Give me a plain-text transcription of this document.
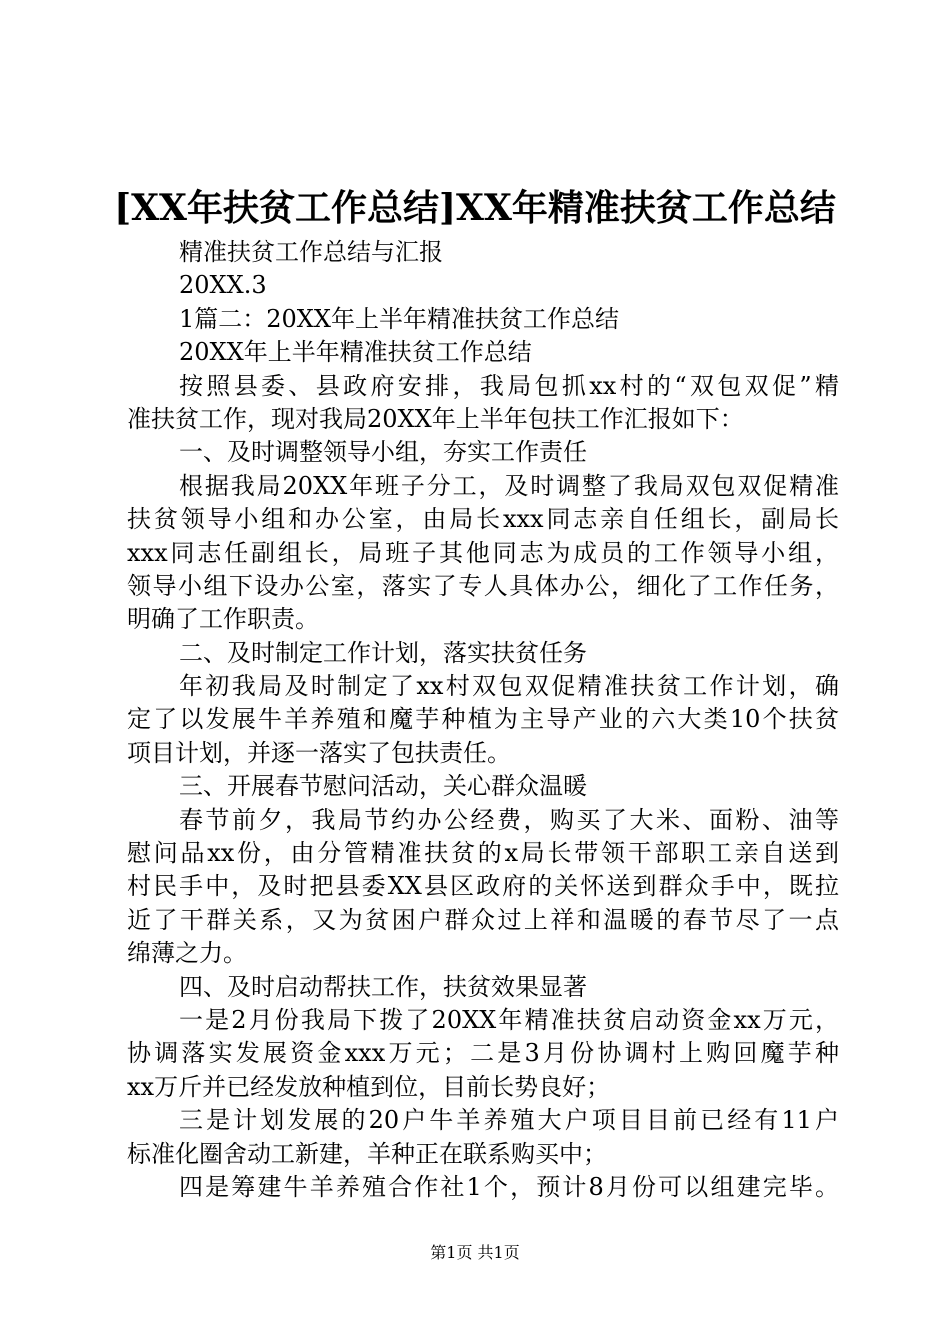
[XX年扶贫工作总结]XX年精准扶贫工作总结
精准扶贫工作总结与汇报
20XX.3
1篇二：20XX年上半年精准扶贫工作总结
20XX年上半年精准扶贫工作总结
按照县委、县政府安排，我局包抓xx村的“双包双促”精
准扶贫工作，现对我局20XX年上半年包扶工作汇报如下：
一、及时调整领导小组，夯实工作责任
根据我局20XX年班子分工，及时调整了我局双包双促精准
扶贫领导小组和办公室，由局长xxx同志亲自任组长，副局长
xxx同志任副组长，局班子其他同志为成员的工作领导小组，
领导小组下设办公室，落实了专人具体办公，细化了工作任务，
明确了工作职责。
二、及时制定工作计划，落实扶贫任务
年初我局及时制定了xx村双包双促精准扶贫工作计划，确
定了以发展牛羊养殖和魔芋种植为主导产业的六大类10个扶贫
项目计划，并逐一落实了包扶责任。
三、开展春节慰问活动，关心群众温暖
春节前夕，我局节约办公经费，购买了大米、面粉、油等
慰问品xx份，由分管精准扶贫的x局长带领干部职工亲自送到
村民手中，及时把县委XX县区政府的关怀送到群众手中，既拉
近了干群关系，又为贫困户群众过上祥和温暖的春节尽了一点
绵薄之力。
四、及时启动帮扶工作，扶贫效果显著
一是2月份我局下拨了20XX年精准扶贫启动资金xx万元，
协调落实发展资金xxx万元；二是3月份协调村上购回魔芋种
xx万斤并已经发放种植到位，目前长势良好；
三是计划发展的20户牛羊养殖大户项目目前已经有11户
标准化圈舍动工新建，羊种正在联系购买中；
四是筹建牛羊养殖合作社1个，预计8月份可以组建完毕。
第1页 共1页
